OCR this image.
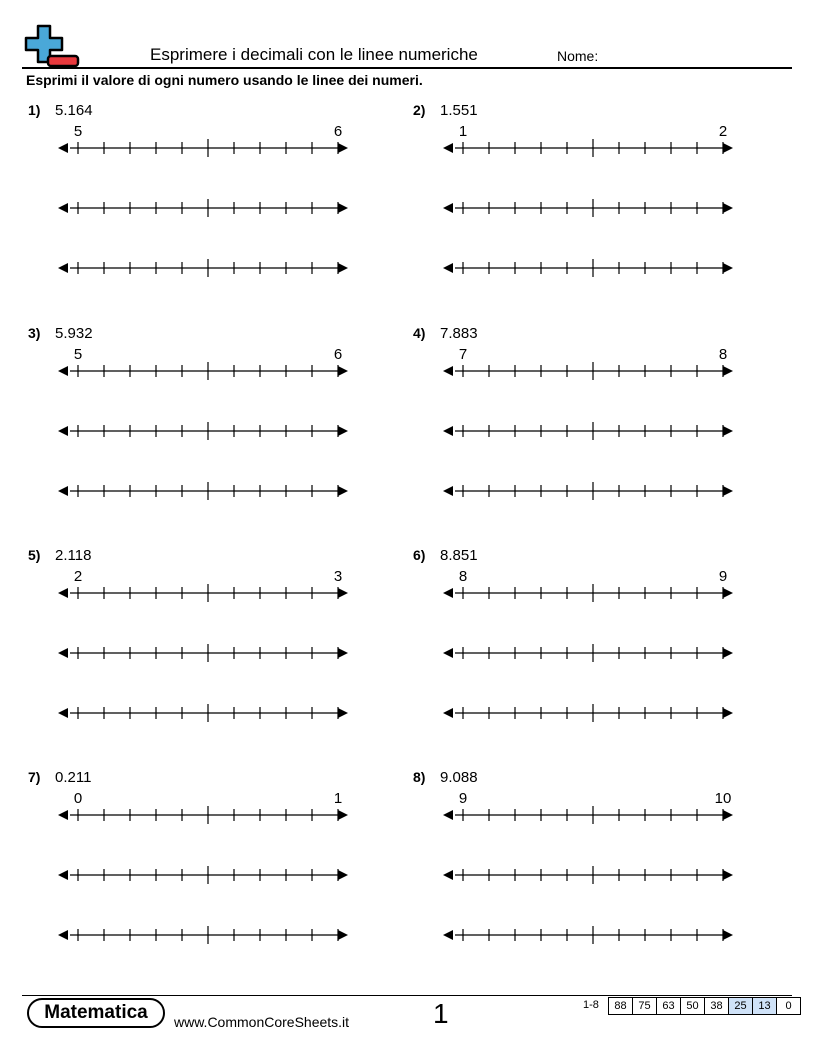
Esprimere i decimali con le linee numeriche	Nome:
Esprimi il valore di ogni numero usando le linee dei numeri.
1) 5.164
5	6
2) 1.551
1	2
3) 5.932
5	6
4) 7.883
7	8
5) 2.118
2	3
6) 8.851
8	9
7) 0.211
0	1
8) 9.088
9	10
Matematica	www.CommonCoreSheets.it	1	1-8	88	75	63	50	38	25	13	0
